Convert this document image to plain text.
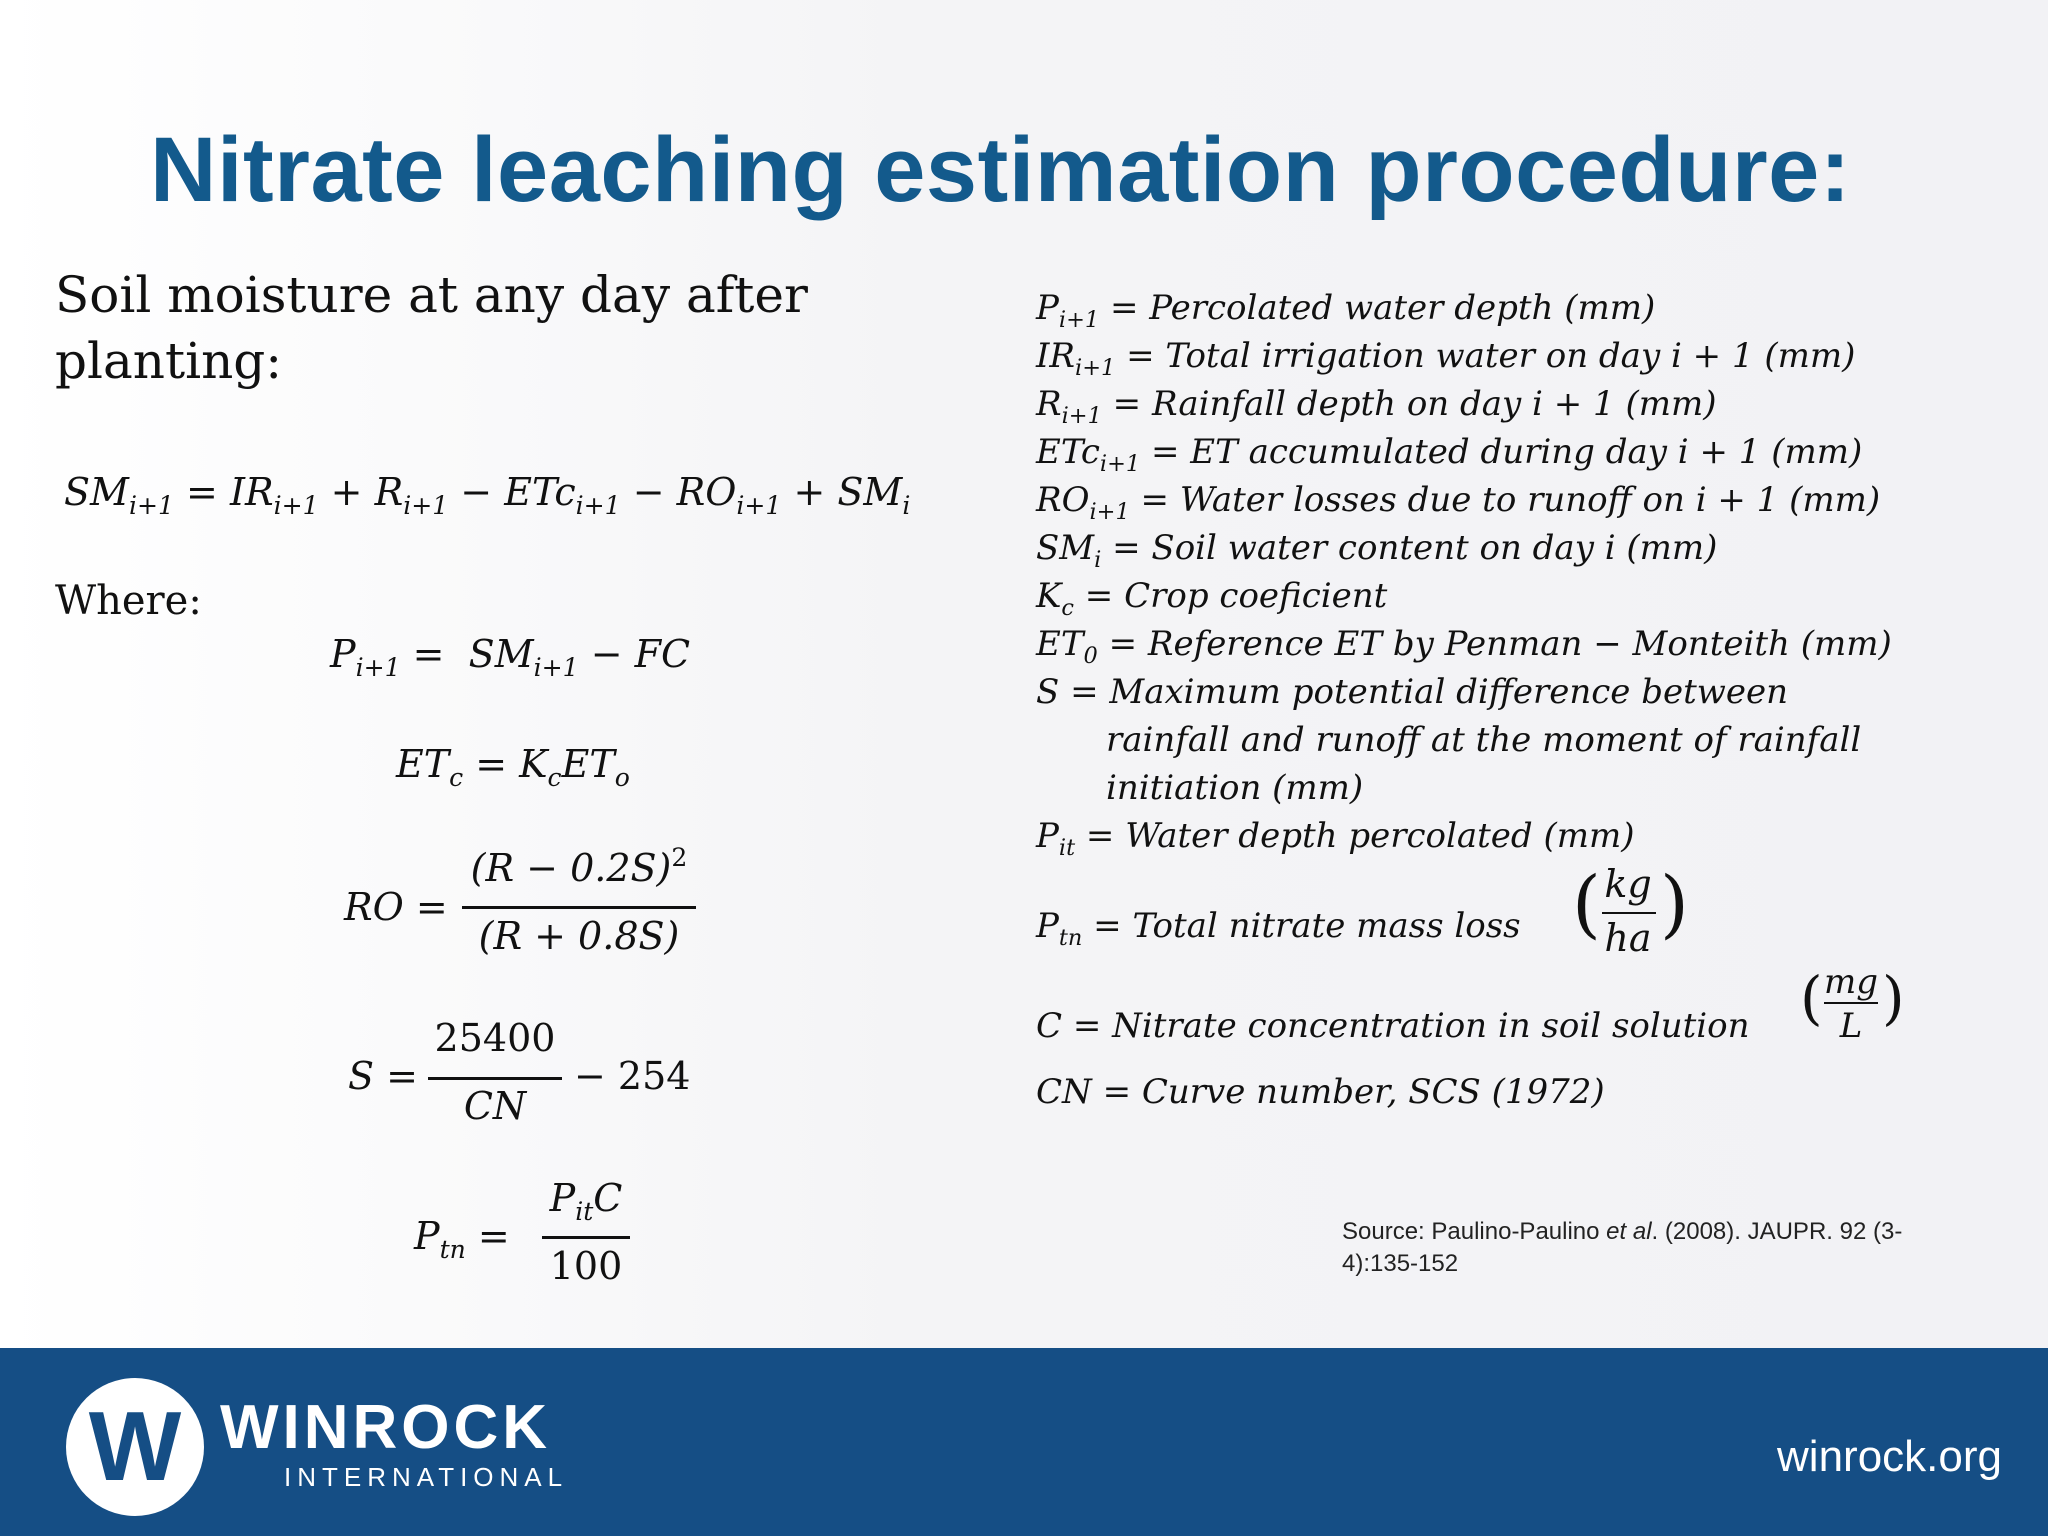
Nitrate leaching estimation procedure:
Soil moisture at any day after planting:
$SM_{i+1} = IR_{i+1} + R_{i+1} - ETc_{i+1} - RO_{i+1} + SM_i$
Where:
$P_{i+1} = SM_{i+1}$ − FC
$ET_c = K_cET_o$
RO =
$(R - 0.2S)^2$
(R + 0.8S)
S =
25400
CN
− 254
$P_{tn}$ =
$P_{it}C$
100
$P_{i+1}$ = Percolated water depth (mm)
$IR_{i+1}$ = Total irrigation water on day i + 1 (mm)
$R_{i+1}$ = Rainfall depth on day i + 1 (mm)
ETc$_{i+1}$ = ET accumulated during day i + 1 (mm)
$RO_{i+1}$ = Water losses due to runoff on i + 1 (mm)
$SM_i$ = Soil water content on day i (mm)
$K_c$ = Crop coeficient
$ET_0$ = Reference ET by Penman − Monteith (mm)
S = Maximum potential difference between
rainfall and runoff at the moment of rainfall
initiation (mm)
$P_{it}$ = Water depth percolated (mm)
$P_{tn}$ = Total nitrate mass loss
C = Nitrate concentration in soil solution
CN = Curve number, SCS (1972)
( kg
ha )
( mg
L )
Source: Paulino-Paulino et al. (2008). JAUPR. 92 (3-4):135-152
W WINROCK
INTERNATIONAL	winrock.org
